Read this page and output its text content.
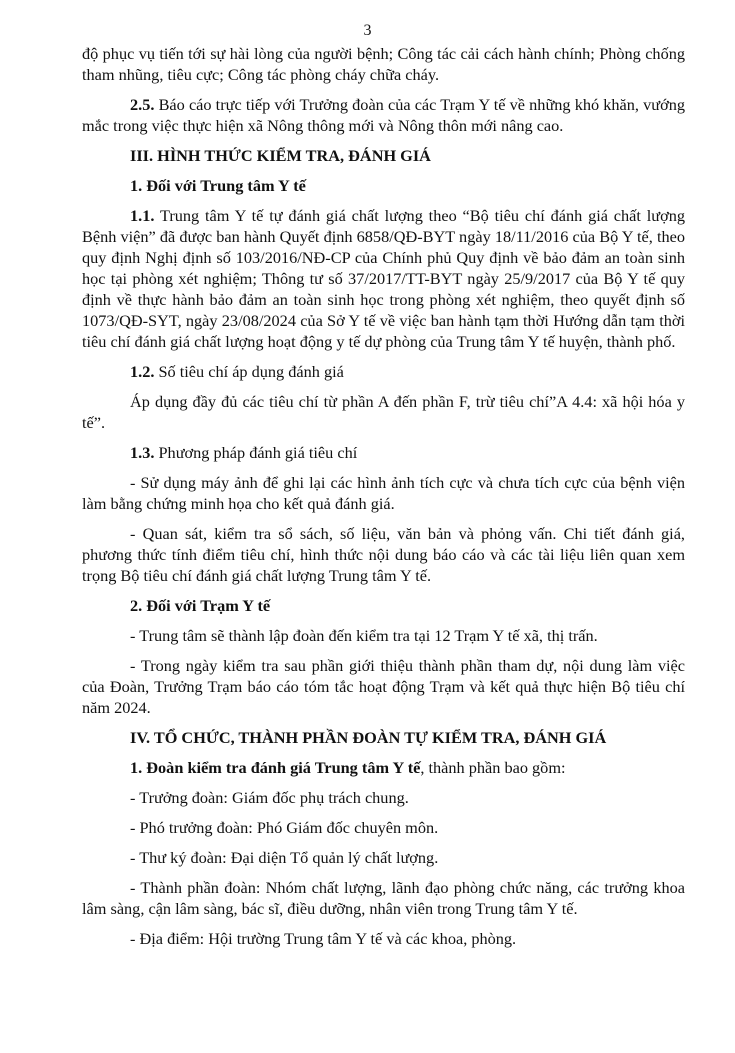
3

độ phục vụ tiến tới sự hài lòng của người bệnh; Công tác cải cách hành chính; Phòng chống tham nhũng, tiêu cực; Công tác phòng cháy chữa cháy.

2.5. Báo cáo trực tiếp với Trưởng đoàn của các Trạm Y tế về những khó khăn, vướng mắc trong việc thực hiện xã Nông thông mới và Nông thôn mới nâng cao.

III. HÌNH THỨC KIỂM TRA, ĐÁNH GIÁ

1. Đối với Trung tâm Y tế

1.1. Trung tâm Y tế tự đánh giá chất lượng theo “Bộ tiêu chí đánh giá chất lượng Bệnh viện” đã được ban hành Quyết định 6858/QĐ-BYT ngày 18/11/2016 của Bộ Y tế, theo quy định Nghị định số 103/2016/NĐ-CP của Chính phủ Quy định về bảo đảm an toàn sinh học tại phòng xét nghiệm; Thông tư số 37/2017/TT-BYT ngày 25/9/2017 của Bộ Y tế quy định về thực hành bảo đảm an toàn sinh học trong phòng xét nghiệm, theo quyết định số 1073/QĐ-SYT, ngày 23/08/2024 của Sở Y tế về việc ban hành tạm thời Hướng dẫn tạm thời tiêu chí đánh giá chất lượng hoạt động y tế dự phòng của Trung tâm Y tế huyện, thành phố.

1.2. Số tiêu chí áp dụng đánh giá

Áp dụng đầy đủ các tiêu chí từ phần A đến phần F, trừ tiêu chí”A 4.4: xã hội hóa y tế”.

1.3. Phương pháp đánh giá tiêu chí

- Sử dụng máy ảnh để ghi lại các hình ảnh tích cực và chưa tích cực của bệnh viện làm bằng chứng minh họa cho kết quả đánh giá.

- Quan sát, kiểm tra sổ sách, số liệu, văn bản và phỏng vấn. Chi tiết đánh giá, phương thức tính điểm tiêu chí, hình thức nội dung báo cáo và các tài liệu liên quan xem trọng Bộ tiêu chí đánh giá chất lượng Trung tâm Y tế.

2. Đối với Trạm Y tế

- Trung tâm sẽ thành lập đoàn đến kiểm tra tại 12 Trạm Y tế xã, thị trấn.

- Trong ngày kiểm tra sau phần giới thiệu thành phần tham dự, nội dung làm việc của Đoàn, Trưởng Trạm báo cáo tóm tắc hoạt động Trạm và kết quả thực hiện Bộ tiêu chí năm 2024.

IV. TỔ CHỨC, THÀNH PHẦN ĐOÀN TỰ KIỂM TRA, ĐÁNH GIÁ

1. Đoàn kiểm tra đánh giá Trung tâm Y tế, thành phần bao gồm:

- Trưởng đoàn: Giám đốc phụ trách chung.

- Phó trưởng đoàn: Phó Giám đốc chuyên môn.

- Thư ký đoàn: Đại diện Tổ quản lý chất lượng.

- Thành phần đoàn: Nhóm chất lượng, lãnh đạo phòng chức năng, các trưởng khoa lâm sàng, cận lâm sàng, bác sĩ, điều dưỡng, nhân viên trong Trung tâm Y tế.

- Địa điểm: Hội trường Trung tâm Y tế và các khoa, phòng.
